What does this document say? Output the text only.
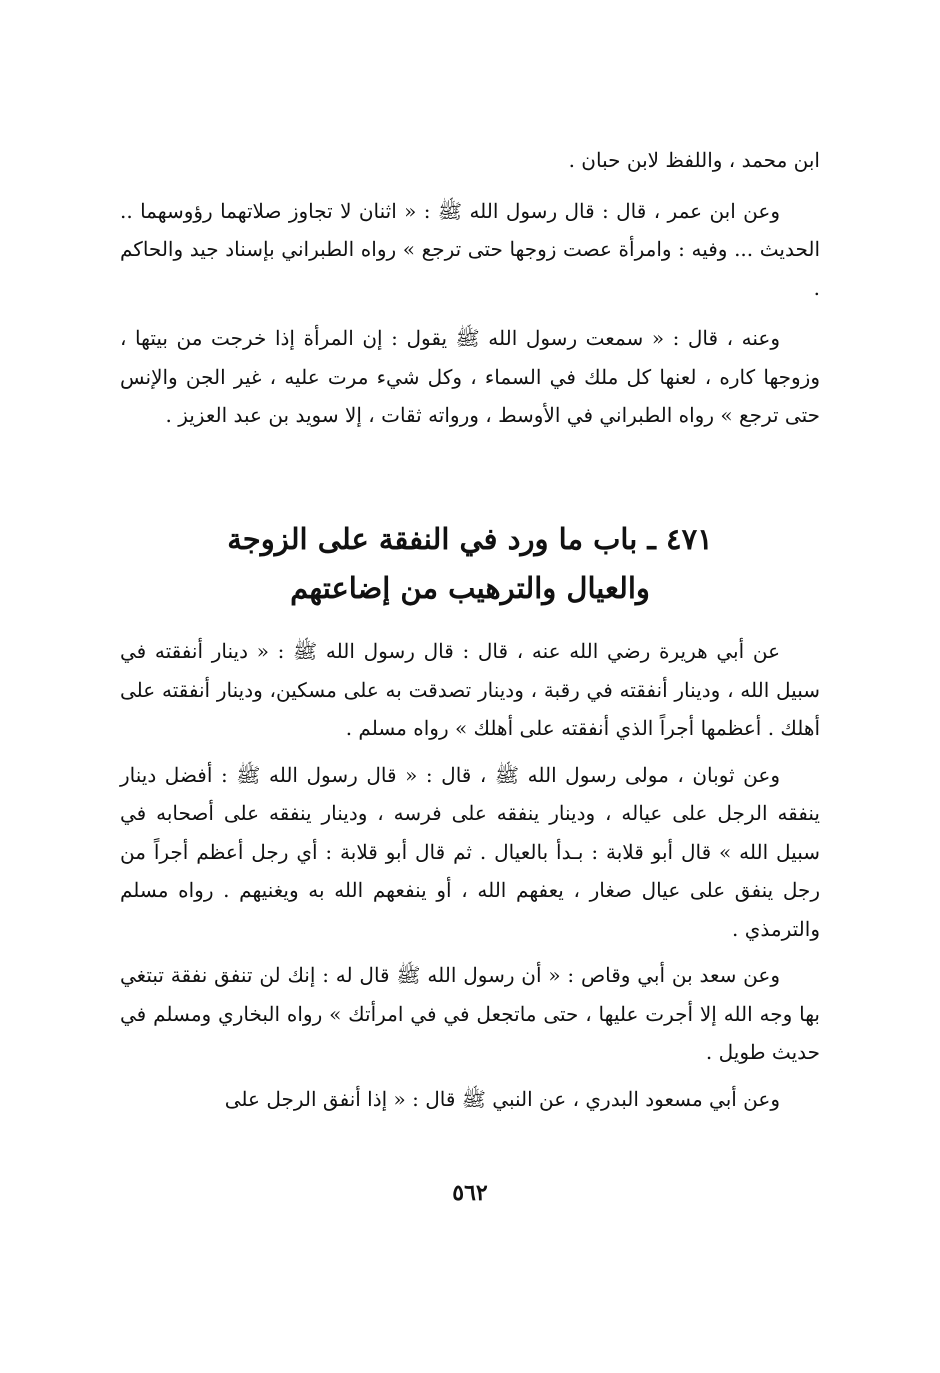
ابن محمد ، واللفظ لابن حبان .

وعن ابن عمر ، قال : قال رسول الله ﷺ : « اثنان لا تجاوز صلاتهما رؤوسهما .. الحديث ... وفيه : وامرأة عصت زوجها حتى ترجع » رواه الطبراني بإسناد جيد والحاكم .

وعنه ، قال : « سمعت رسول الله ﷺ يقول : إن المرأة إذا خرجت من بيتها ، وزوجها كاره ، لعنها كل ملك في السماء ، وكل شيء مرت عليه ، غير الجن والإنس حتى ترجع » رواه الطبراني في الأوسط ، ورواته ثقات ، إلا سويد بن عبد العزيز .

٤٧١ ـ باب ما ورد في النفقة على الزوجة
والعيال والترهيب من إضاعتهم

عن أبي هريرة رضي الله عنه ، قال : قال رسول الله ﷺ : « دينار أنفقته في سبيل الله ، ودينار أنفقته في رقبة ، ودينار تصدقت به على مسكين، ودينار أنفقته على أهلك . أعظمها أجراً الذي أنفقته على أهلك » رواه مسلم .

وعن ثوبان ، مولى رسول الله ﷺ ، قال : « قال رسول الله ﷺ : أفضل دينار ينفقه الرجل على عياله ، ودينار ينفقه على فرسه ، ودينار ينفقه على أصحابه في سبيل الله » قال أبو قلابة : بـدأ بالعيال . ثم قال أبو قلابة : أي رجل أعظم أجراً من رجل ينفق على عيال صغار ، يعفهم الله ، أو ينفعهم الله به ويغنيهم . رواه مسلم والترمذي .

وعن سعد بن أبي وقاص : « أن رسول الله ﷺ قال له : إنك لن تنفق نفقة تبتغي بها وجه الله إلا أجرت عليها ، حتى ماتجعل في في امرأتك » رواه البخاري ومسلم في حديث طويل .

وعن أبي مسعود البدري ، عن النبي ﷺ قال : « إذا أنفق الرجل على

٥٦٢
